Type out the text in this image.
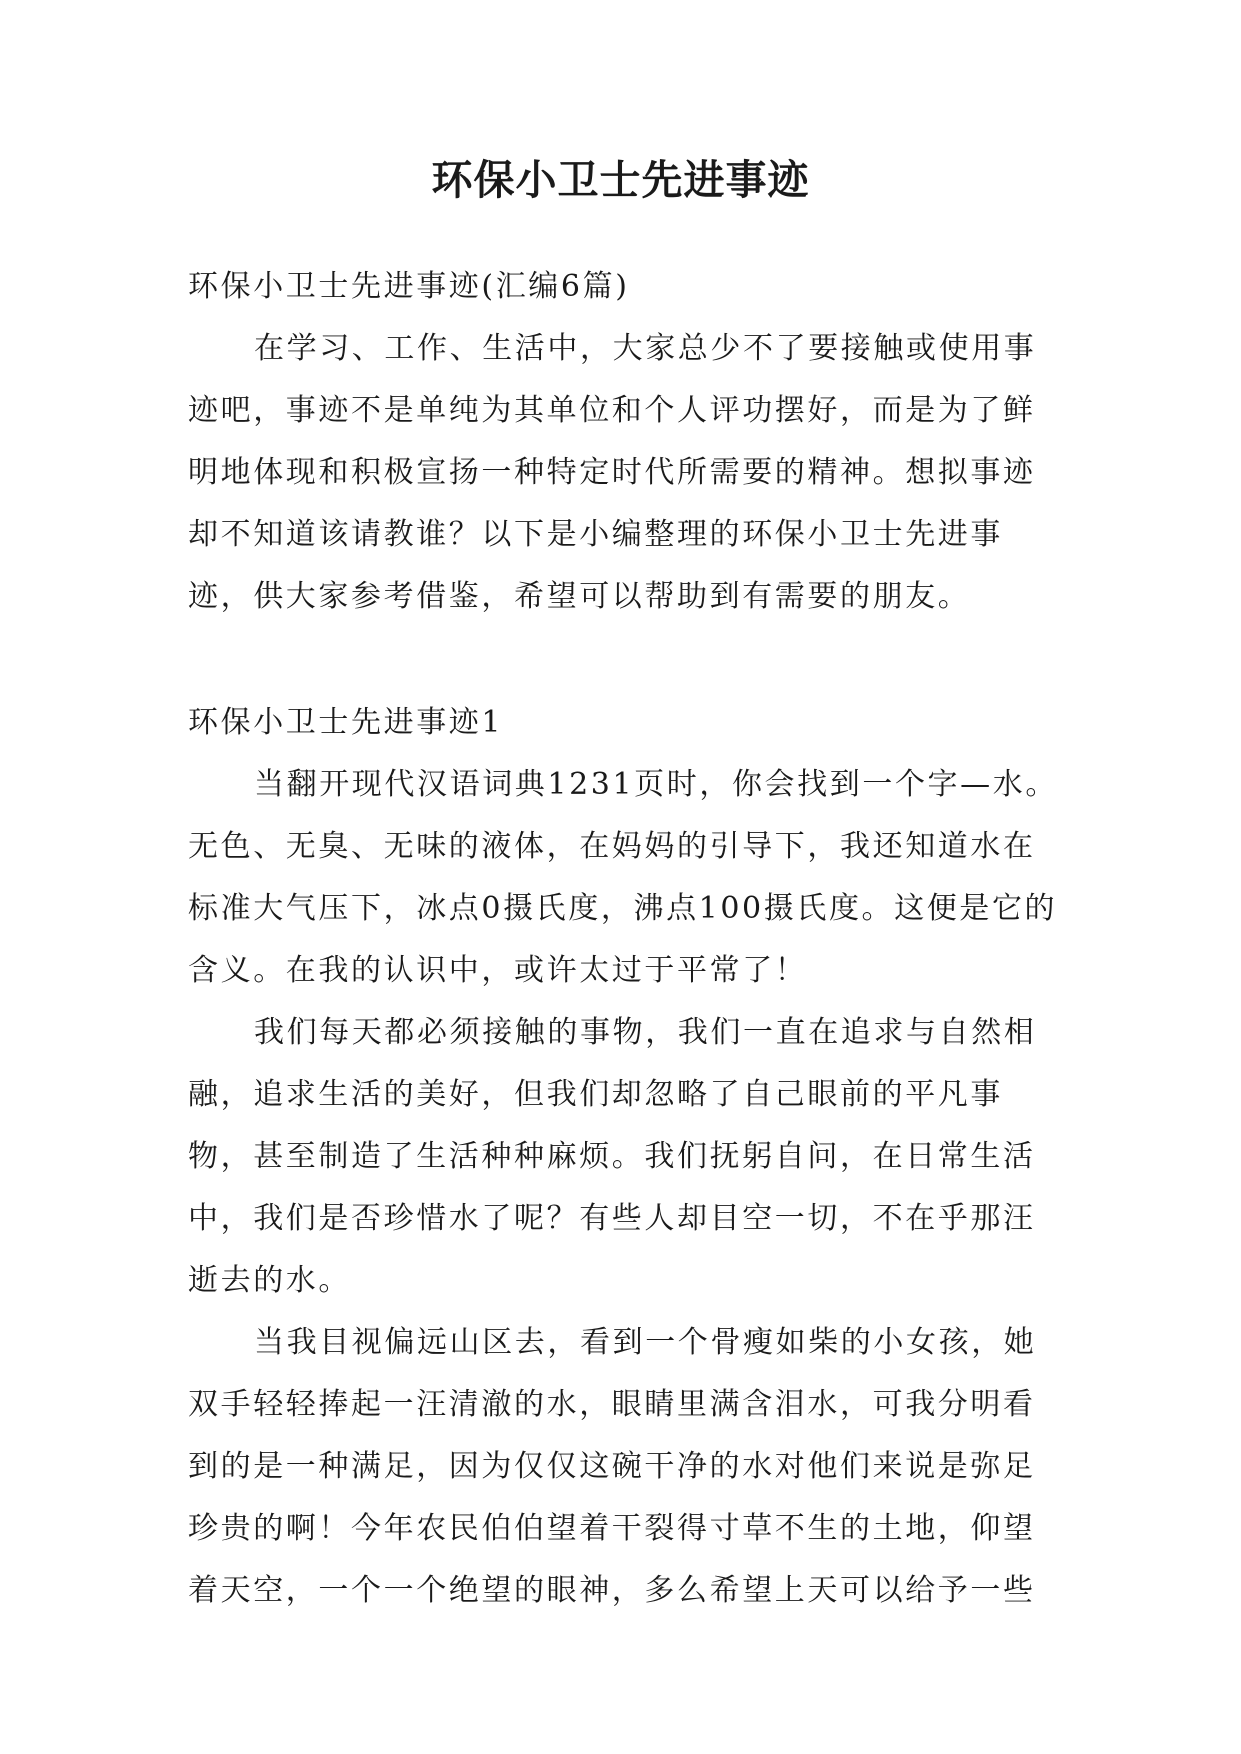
环保小卫士先进事迹

环保小卫士先进事迹(汇编6篇)

在学习、工作、生活中，大家总少不了要接触或使用事迹吧，事迹不是单纯为其单位和个人评功摆好，而是为了鲜明地体现和积极宣扬一种特定时代所需要的精神。想拟事迹却不知道该请教谁？以下是小编整理的环保小卫士先进事迹，供大家参考借鉴，希望可以帮助到有需要的朋友。

环保小卫士先进事迹1

当翻开现代汉语词典1231页时，你会找到一个字—水。无色、无臭、无味的液体，在妈妈的引导下，我还知道水在标准大气压下，冰点0摄氏度，沸点100摄氏度。这便是它的含义。在我的认识中，或许太过于平常了！

我们每天都必须接触的事物，我们一直在追求与自然相融，追求生活的美好，但我们却忽略了自己眼前的平凡事物，甚至制造了生活种种麻烦。我们抚躬自问，在日常生活中，我们是否珍惜水了呢？有些人却目空一切，不在乎那汪逝去的水。

当我目视偏远山区去，看到一个骨瘦如柴的小女孩，她双手轻轻捧起一汪清澈的水，眼睛里满含泪水，可我分明看到的是一种满足，因为仅仅这碗干净的水对他们来说是弥足珍贵的啊！今年农民伯伯望着干裂得寸草不生的土地，仰望着天空，一个一个绝望的眼神，多么希望上天可以给予一些
